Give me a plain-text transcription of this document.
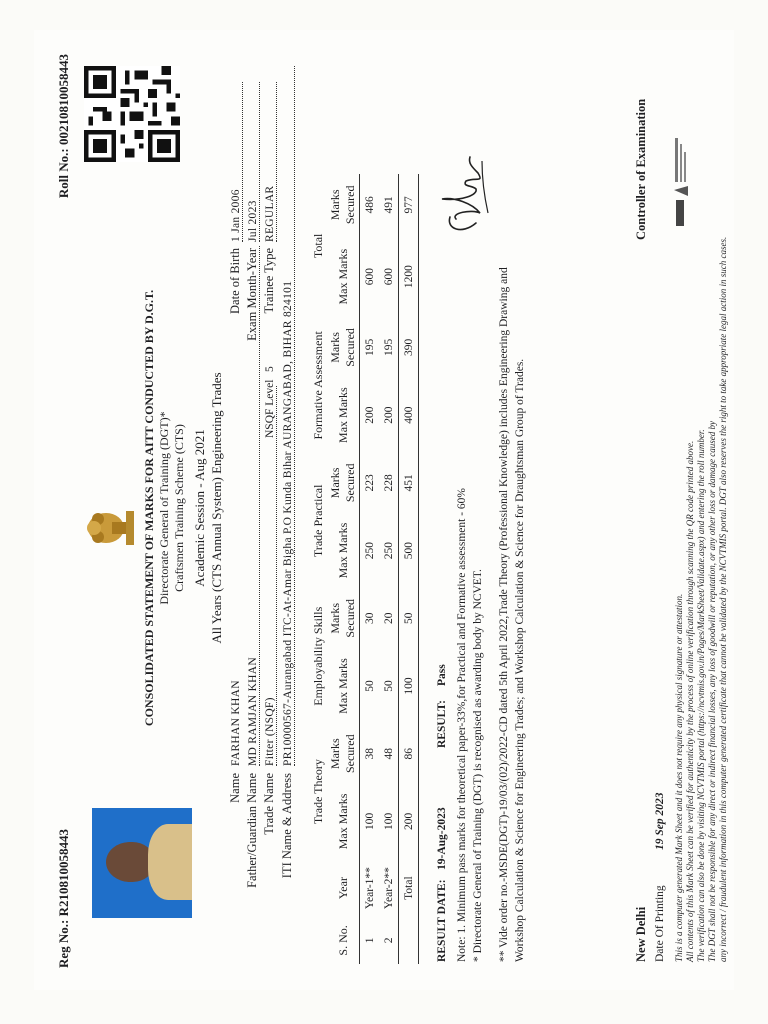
Reg No.: R210810058443
Roll No.: 00210810058443
CONSOLIDATED STATEMENT OF MARKS FOR AITT CONDUCTED BY D.G.T. Directorate General of Training (DGT)* Craftsmen Training Scheme (CTS) Academic Session - Aug 2021 All Years (CTS Annual System) Engineering Trades
Name
FARHAN KHAN
Father/Guardian Name
MD RAMJAN KHAN
Trade Name
Fitter (NSQF)
NSQF Level
5
ITI Name & Address
PR10000567-Aurangabad ITC-At-Amar Bigha P.O Kunda Bihar AURANGABAD, BIHAR 824101
Date of Birth
1 Jan 2006
Exam Month-Year
Jul 2023
Trainee Type
REGULAR
		Trade Theory		Employability Skills		Trade Practical		Formative Assessment		Total	
S. No.	Year	Max Marks	Marks Secured	Max Marks	Marks Secured	Max Marks	Marks Secured	Max Marks	Marks Secured	Max Marks	Marks Secured
1	Year-1**	100	38	50	30	250	223	200	195	600	486
2	Year-2**	100	48	50	20	250	228	200	195	600	491
	Total	200	86	100	50	500	451	400	390	1200	977
RESULT DATE:
19-Aug-2023
RESULT:
Pass Note: 1. Minimum pass marks for theoretical paper-33%,for Practical and Formative assessment - 60% * Directorate General of Training (DGT) is recognised as awarding body by NCVET. ** Vide order no.-MSDE(DGT)-19/03/(02)/2022-CD dated 5th April 2022,Trade Theory (Professional Knowledge) includes Engineering Drawing and Workshop Calculation & Science for Engineering Trades; and Workshop Calculation & Science for Draughtsman Group of Trades.	New Delhi Date Of Printing
19 Sep 2023
Controller of Examination
This is a computer generated Mark Sheet and it does not require any physical signature or attestation. All contents of this Mark Sheet can be verified for authenticity by the process of online verification through scanning the QR code printed above. The verification can also be done by visiting NCVTMIS portal (https://ncvtmis.gov.in/Pages/MarkSheet/Validate.aspx) and entering the roll number. The DGT shall not be responsible for any direct or indirect financial losses, any loss of goodwill or reputation, or any other loss or damage caused by any incorrect / fraudulent information in this computer generated certificate that cannot be validated by the NCVTMIS portal. DGT also reserves the right to take appropriate legal action in such cases.
